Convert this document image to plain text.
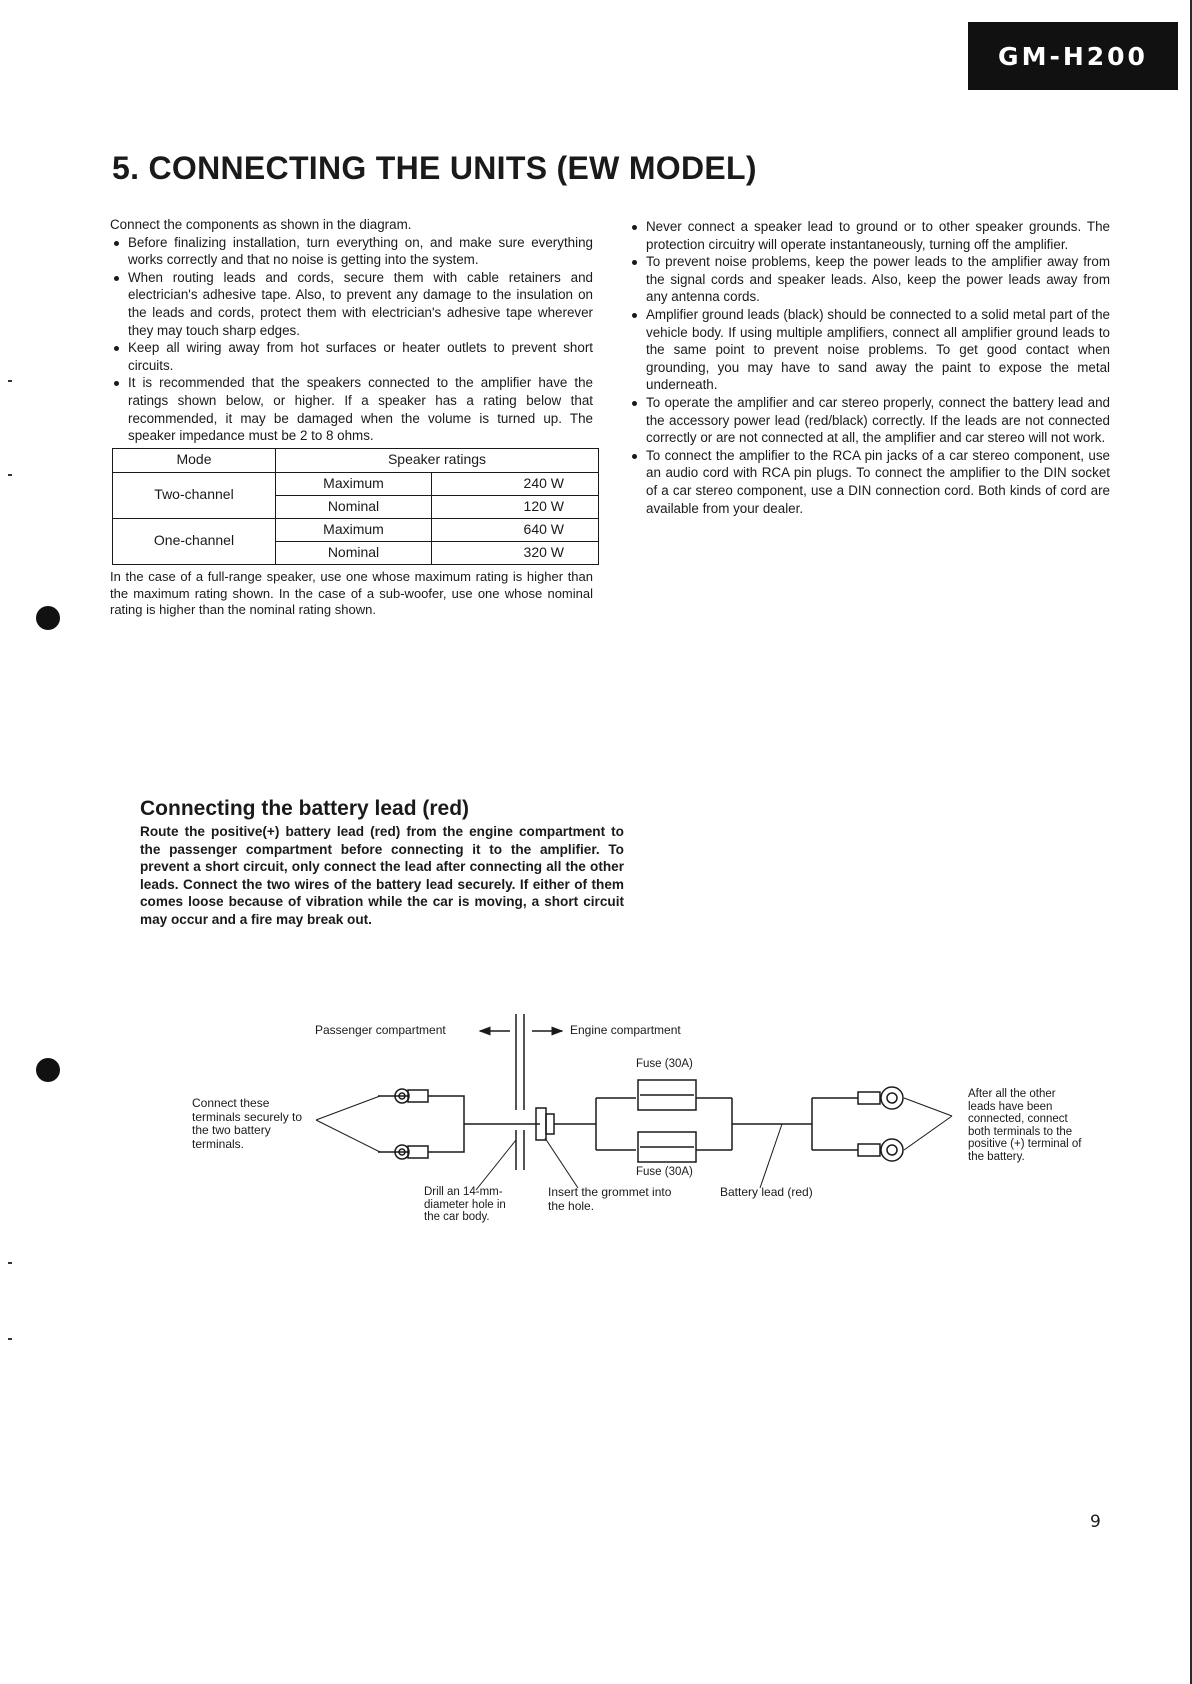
GM-H200
5. CONNECTING THE UNITS (EW MODEL)

Connect the components as shown in the diagram.

Before finalizing installation, turn everything on, and make sure everything works correctly and that no noise is getting into the system.
When routing leads and cords, secure them with cable retainers and electrician's adhesive tape. Also, to prevent any damage to the insulation on the leads and cords, protect them with electrician's adhesive tape wherever they may touch sharp edges.
Keep all wiring away from hot surfaces or heater outlets to prevent short circuits.
It is recommended that the speakers connected to the amplifier have the ratings shown below, or higher. If a speaker has a rating below that recommended, it may be damaged when the volume is turned up. The speaker impedance must be 2 to 8 ohms.
Mode	Speaker ratings	
Two-channel	Maximum	240 W
	Nominal	120 W
One-channel	Maximum	640 W
	Nominal	320 W

In the case of a full-range speaker, use one whose maximum rating is higher than the maximum rating shown. In the case of a sub-woofer, use one whose nominal rating is higher than the nominal rating shown.

Never connect a speaker lead to ground or to other speaker grounds. The protection circuitry will operate instantaneously, turning off the amplifier.
To prevent noise problems, keep the power leads to the amplifier away from the signal cords and speaker leads. Also, keep the power leads away from any antenna cords.
Amplifier ground leads (black) should be connected to a solid metal part of the vehicle body. If using multiple amplifiers, connect all amplifier ground leads to the same point to prevent noise problems. To get good contact when grounding, you may have to sand away the paint to expose the metal underneath.
To operate the amplifier and car stereo properly, connect the battery lead and the accessory power lead (red/black) correctly. If the leads are not connected correctly or are not connected at all, the amplifier and car stereo will not work.
To connect the amplifier to the RCA pin jacks of a car stereo component, use an audio cord with RCA pin plugs. To connect the amplifier to the DIN socket of a car stereo component, use a DIN connection cord. Both kinds of cord are available from your dealer.
Connecting the battery lead (red)

Route the positive(+) battery lead (red) from the engine compartment to the passenger compartment before connecting it to the amplifier. To prevent a short circuit, only connect the lead after connecting all the other leads. Connect the two wires of the battery lead securely. If either of them comes loose because of vibration while the car is moving, a short circuit may occur and a fire may break out.

Passenger compartment	Engine compartment
Fuse (30A)
Fuse (30A)
Connect these terminals securely to the two battery terminals.
After all the other leads have been connected, connect both terminals to the positive (+) terminal of the battery.
Drill an 14-mm-diameter hole in the car body.
Insert the grommet into the hole.
Battery lead (red)
9
